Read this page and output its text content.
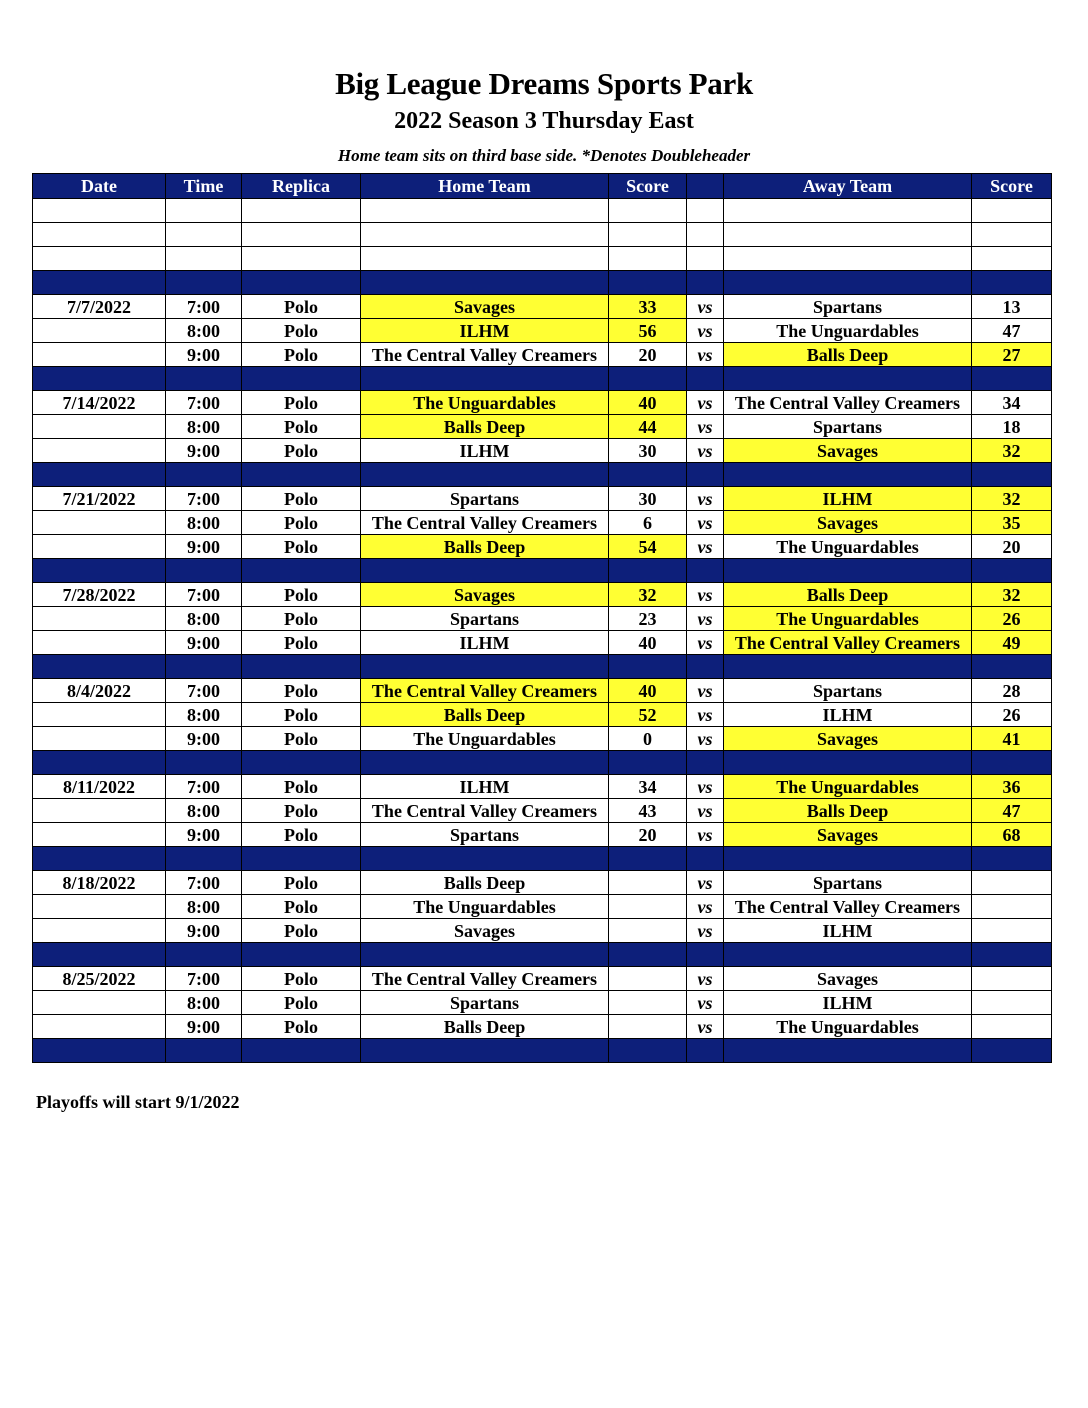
Big League Dreams Sports Park
2022 Season 3 Thursday East
Home team sits on third base side. *Denotes Doubleheader
Date	Time	Replica	Home Team	Score		Away Team	Score

7/7/2022	7:00	Polo	Savages	33	vs	Spartans	13
	8:00	Polo	ILHM	56	vs	The Unguardables	47
	9:00	Polo	The Central Valley Creamers	20	vs	Balls Deep	27

7/14/2022	7:00	Polo	The Unguardables	40	vs	The Central Valley Creamers	34
	8:00	Polo	Balls Deep	44	vs	Spartans	18
	9:00	Polo	ILHM	30	vs	Savages	32

7/21/2022	7:00	Polo	Spartans	30	vs	ILHM	32
	8:00	Polo	The Central Valley Creamers	6	vs	Savages	35
	9:00	Polo	Balls Deep	54	vs	The Unguardables	20

7/28/2022	7:00	Polo	Savages	32	vs	Balls Deep	32
	8:00	Polo	Spartans	23	vs	The Unguardables	26
	9:00	Polo	ILHM	40	vs	The Central Valley Creamers	49

8/4/2022	7:00	Polo	The Central Valley Creamers	40	vs	Spartans	28
	8:00	Polo	Balls Deep	52	vs	ILHM	26
	9:00	Polo	The Unguardables	0	vs	Savages	41

8/11/2022	7:00	Polo	ILHM	34	vs	The Unguardables	36
	8:00	Polo	The Central Valley Creamers	43	vs	Balls Deep	47
	9:00	Polo	Spartans	20	vs	Savages	68

8/18/2022	7:00	Polo	Balls Deep		vs	Spartans	
	8:00	Polo	The Unguardables		vs	The Central Valley Creamers	
	9:00	Polo	Savages		vs	ILHM	

8/25/2022	7:00	Polo	The Central Valley Creamers		vs	Savages	
	8:00	Polo	Spartans		vs	ILHM	
	9:00	Polo	Balls Deep		vs	The Unguardables	

Playoffs will start 9/1/2022
